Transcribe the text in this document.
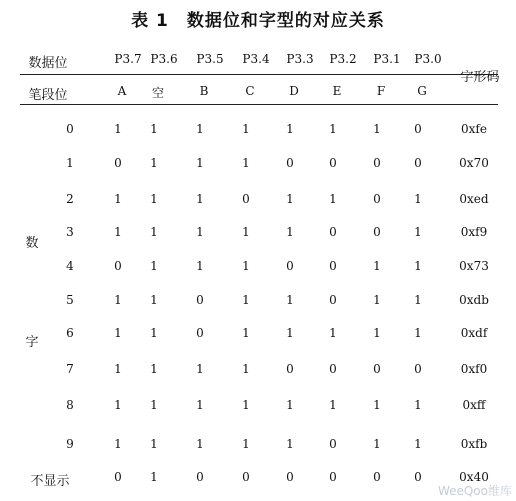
表 1　数据位和字型的对应关系
数据位
笔段位
字形码
P3.7 P3.6 P3.5 P3.4 P3.3 P3.2 P3.1 P3.0
A 空	B	C	D	E	F	G
数
字
0	1 1	1	1	1	1	1	0	0xfe
1	0 1	1	1	0	0	0	0	0x70
2	1 1	1	0	1	1	0	1	0xed
3	1 1	1	1	1	0	0	1	0xf9
4	0 1	1	1	0	0	1	1	0x73
5	1 1	0	1	1	0	1	1	0xdb
6	1 1	0	1	1	1	1	1	0xdf
7	1 1	1	1	0	0	0	0	0xf0
8	1 1	1	1	1	1	1	1	0xff
9	1 1	1	1	1	0	1	1	0xfb
不显示	0 1	0	0	0	0	0	0	0x40
WeeQoo维库
